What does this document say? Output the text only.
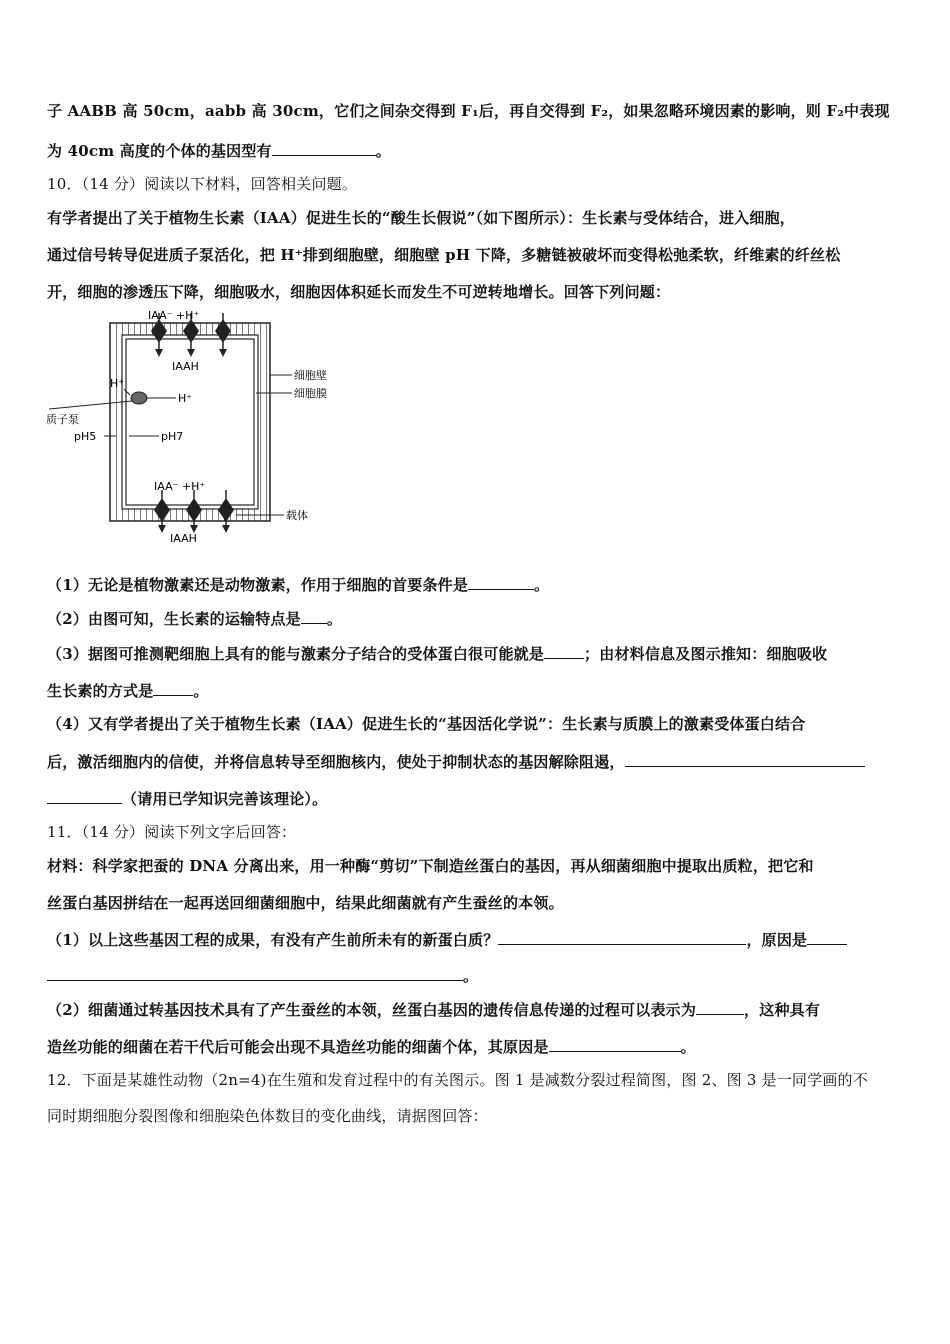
子 AABB 高 50cm，aabb 高 30cm，它们之间杂交得到 F₁后，再自交得到 F₂，如果忽略环境因素的影响，则 F₂中表现
为 40cm 高度的个体的基因型有	。
10．（14 分）阅读以下材料，回答相关问题。
有学者提出了关于植物生长素（IAA）促进生长的“酸生长假说”（如下图所示）：生长素与受体结合，进入细胞，
通过信号转导促进质子泵活化，把 H⁺排到细胞壁，细胞壁 pH 下降，多糖链被破坏而变得松弛柔软，纤维素的纤丝松
开，细胞的渗透压下降，细胞吸水，细胞因体积延长而发生不可逆转地增长。回答下列问题：
IAA⁻ +H⁺
IAAH
IAA⁻ +H⁺
IAAH
H⁺
H⁺
质子泵
pH5	pH7
细胞壁
细胞膜
载体
（1）无论是植物激素还是动物激素，作用于细胞的首要条件是	。
（2）由图可知，生长素的运输特点是 。
（3）据图可推测靶细胞上具有的能与激素分子结合的受体蛋白很可能就是	；由材料信息及图示推知：细胞吸收
生长素的方式是	。
（4）又有学者提出了关于植物生长素（IAA）促进生长的“基因活化学说”：生长素与质膜上的激素受体蛋白结合
后，激活细胞内的信使，并将信息转导至细胞核内，使处于抑制状态的基因解除阻遏，
（请用已学知识完善该理论）。
11．（14 分）阅读下列文字后回答：
材料：科学家把蚕的 DNA 分离出来，用一种酶“剪切”下制造丝蛋白的基因，再从细菌细胞中提取出质粒，把它和
丝蛋白基因拼结在一起再送回细菌细胞中，结果此细菌就有产生蚕丝的本领。
（1）以上这些基因工程的成果，有没有产生前所未有的新蛋白质？	，原因是
。
（2）细菌通过转基因技术具有了产生蚕丝的本领，丝蛋白基因的遗传信息传递的过程可以表示为	，这种具有
造丝功能的细菌在若干代后可能会出现不具造丝功能的细菌个体，其原因是	。
12．下面是某雄性动物（2n=4)在生殖和发育过程中的有关图示。图 1 是减数分裂过程简图，图 2、图 3 是一同学画的不
同时期细胞分裂图像和细胞染色体数目的变化曲线，请据图回答：
